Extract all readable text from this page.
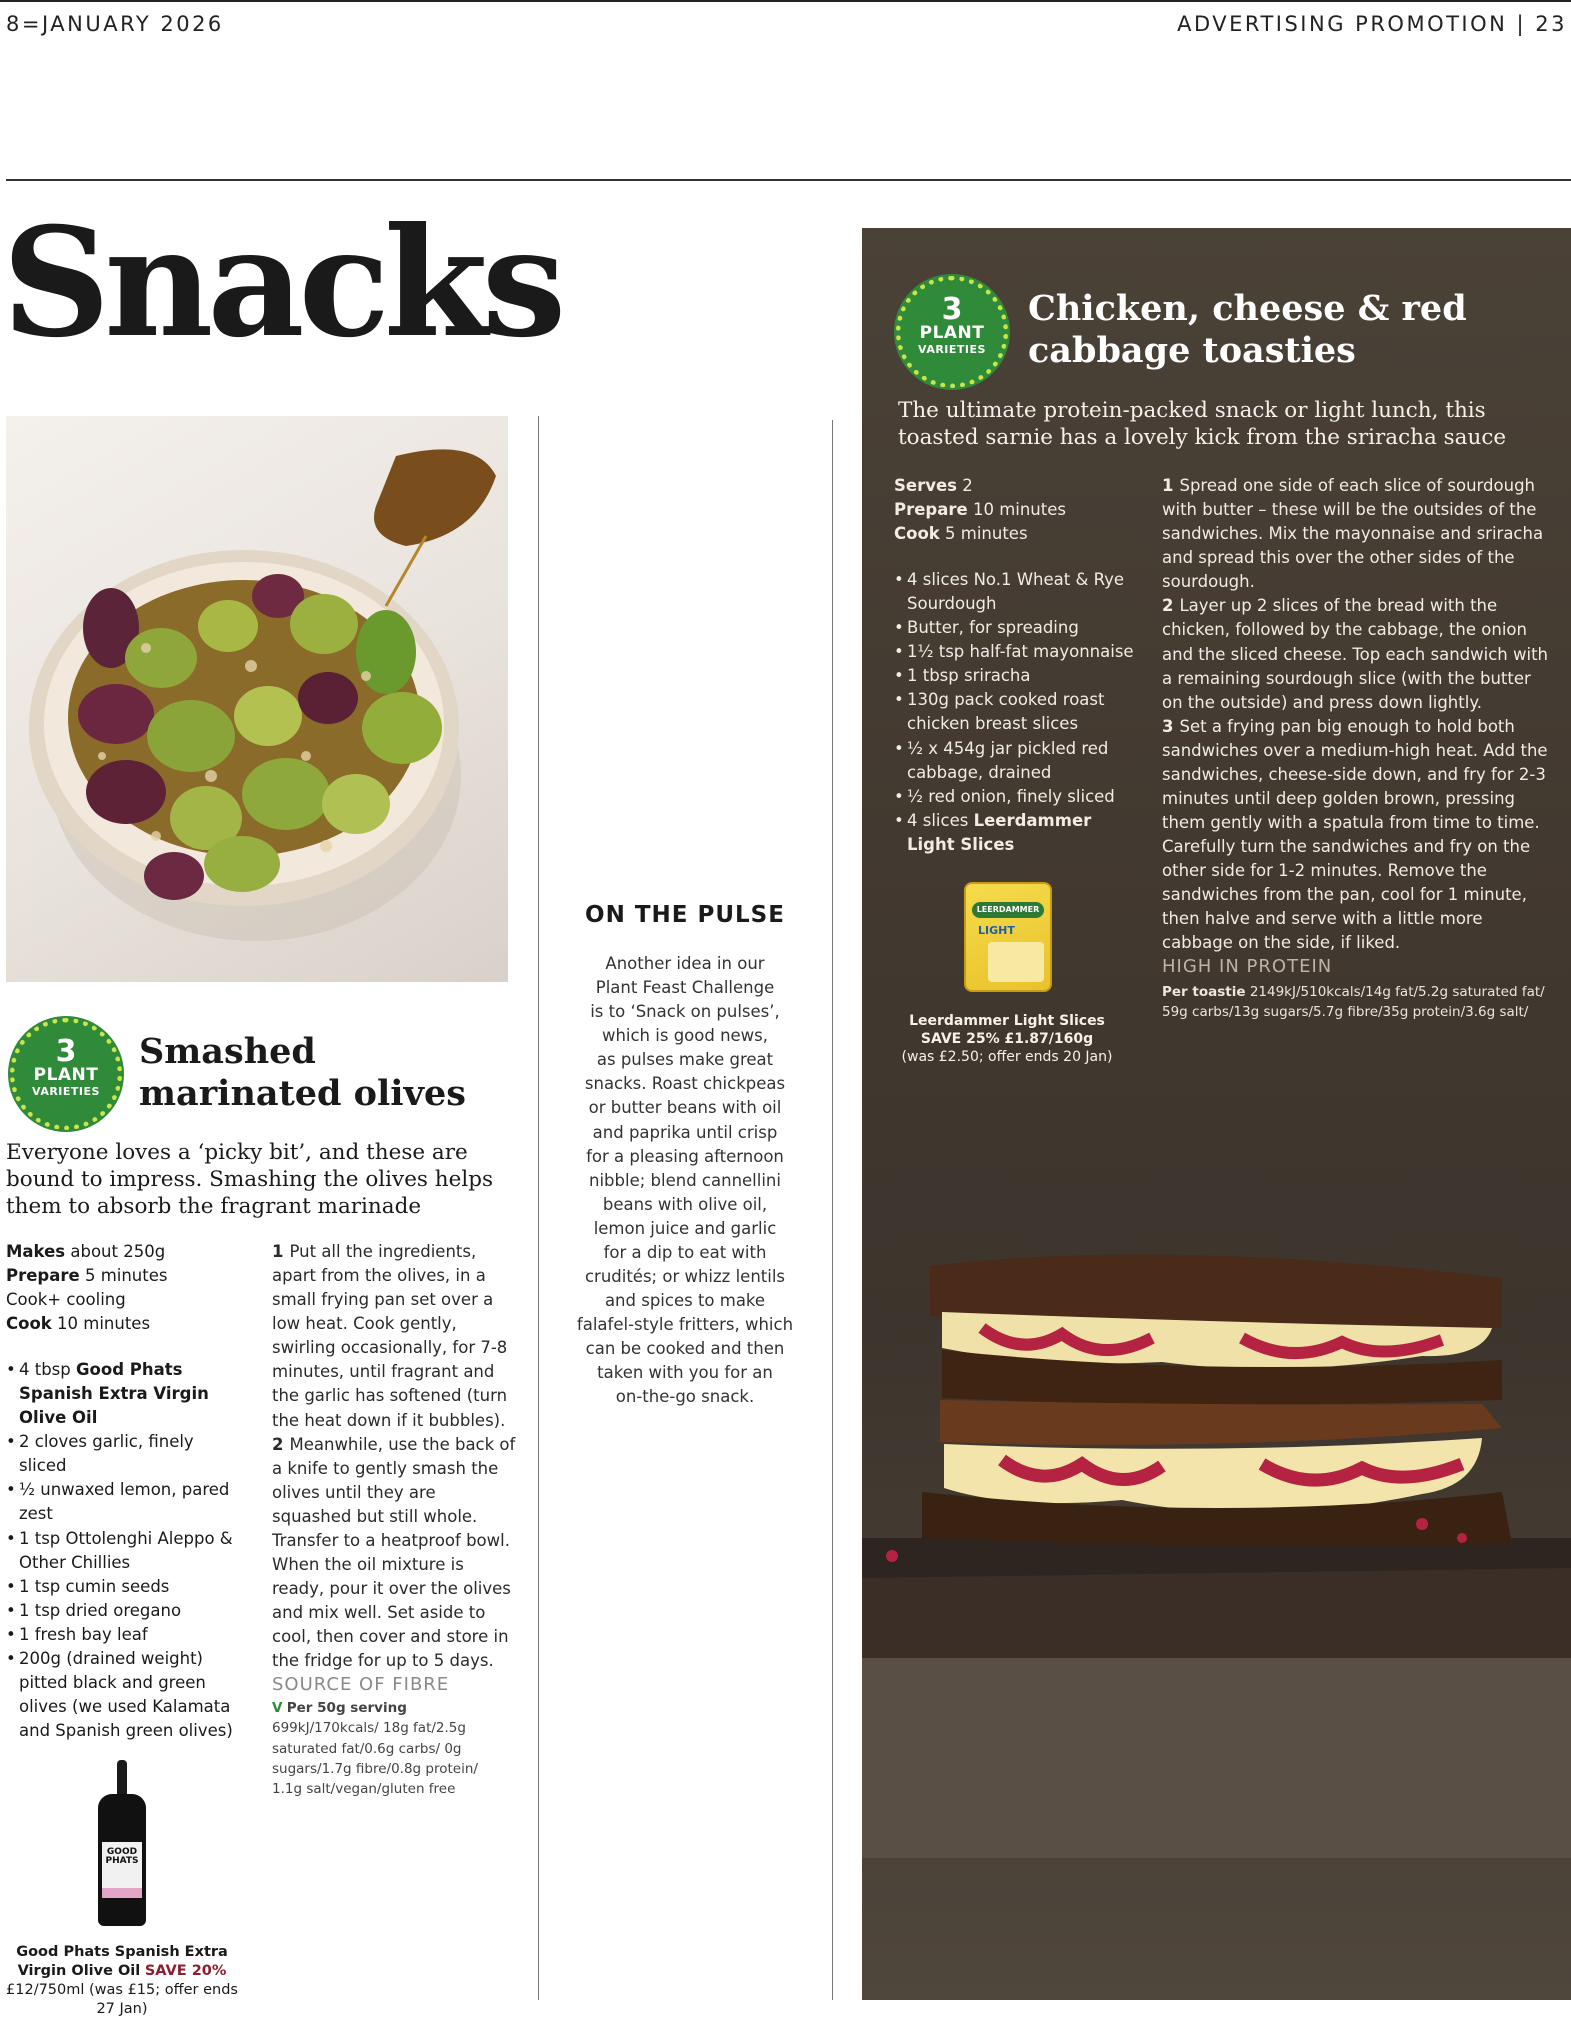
8=JANUARY 2026	ADVERTISING PROMOTION | 23
Snacks
3
PLANT
VARIETIES
Smashed
marinated olives
Everyone loves a ‘picky bit’, and these are bound to impress. Smashing the olives helps them to absorb the fragrant marinade
Makes about 250g
Prepare 5 minutes
Cook+ cooling
Cook 10 minutes
• 4 tbsp Good Phats Spanish Extra Virgin Olive Oil
• 2 cloves garlic, finely sliced
• ½ unwaxed lemon, pared zest
• 1 tsp Ottolenghi Aleppo & Other Chillies
• 1 tsp cumin seeds
• 1 tsp dried oregano
• 1 fresh bay leaf
• 200g (drained weight) pitted black and green olives (we used Kalamata and Spanish green olives)

1 Put all the ingredients, apart from the olives, in a small frying pan set over a low heat. Cook gently, swirling occasionally, for 7-8 minutes, until fragrant and the garlic has softened (turn the heat down if it bubbles).

2 Meanwhile, use the back of a knife to gently smash the olives until they are squashed but still whole. Transfer to a heatproof bowl. When the oil mixture is ready, pour it over the olives and mix well. Set aside to cool, then cover and store in the fridge for up to 5 days.

SOURCE OF FIBRE
V Per 50g serving 699kJ/170kcals/ 18g fat/2.5g saturated fat/0.6g carbs/ 0g sugars/1.7g fibre/0.8g protein/ 1.1g salt/vegan/gluten free
GOOD PHATS
Good Phats Spanish Extra
Virgin Olive Oil SAVE 20%
£12/750ml (was £15; offer ends 27 Jan)
ON THE PULSE
Another idea in our
Plant Feast Challenge
is to ‘Snack on pulses’,
which is good news,
as pulses make great
snacks. Roast chickpeas
or butter beans with oil
and paprika until crisp
for a pleasing afternoon
nibble; blend cannellini
beans with olive oil,
lemon juice and garlic
for a dip to eat with
crudités; or whizz lentils
and spices to make
falafel-style fritters, which
can be cooked and then
taken with you for an
on-the-go snack.
3
PLANT
VARIETIES
Chicken, cheese & red
cabbage toasties
The ultimate protein-packed snack or light lunch, this toasted sarnie has a lovely kick from the sriracha sauce
Serves 2
Prepare 10 minutes
Cook 5 minutes
• 4 slices No.1 Wheat & Rye Sourdough
• Butter, for spreading
• 1½ tsp half-fat mayonnaise
• 1 tbsp sriracha
• 130g pack cooked roast chicken breast slices
• ½ x 454g jar pickled red cabbage, drained
• ½ red onion, finely sliced
• 4 slices Leerdammer Light Slices
LEERDAMMER
LIGHT
Leerdammer Light Slices
SAVE 25% £1.87/160g
(was £2.50; offer ends 20 Jan)

1 Spread one side of each slice of sourdough with butter – these will be the outsides of the sandwiches. Mix the mayonnaise and sriracha and spread this over the other sides of the sourdough.

2 Layer up 2 slices of the bread with the chicken, followed by the cabbage, the onion and the sliced cheese. Top each sandwich with a remaining sourdough slice (with the butter on the outside) and press down lightly.

3 Set a frying pan big enough to hold both sandwiches over a medium-high heat. Add the sandwiches, cheese-side down, and fry for 2-3 minutes until deep golden brown, pressing them gently with a spatula from time to time. Carefully turn the sandwiches and fry on the other side for 1-2 minutes. Remove the sandwiches from the pan, cool for 1 minute, then halve and serve with a little more cabbage on the side, if liked.

HIGH IN PROTEIN
Per toastie 2149kJ/510kcals/14g fat/5.2g saturated fat/ 59g carbs/13g sugars/5.7g fibre/35g protein/3.6g salt/
